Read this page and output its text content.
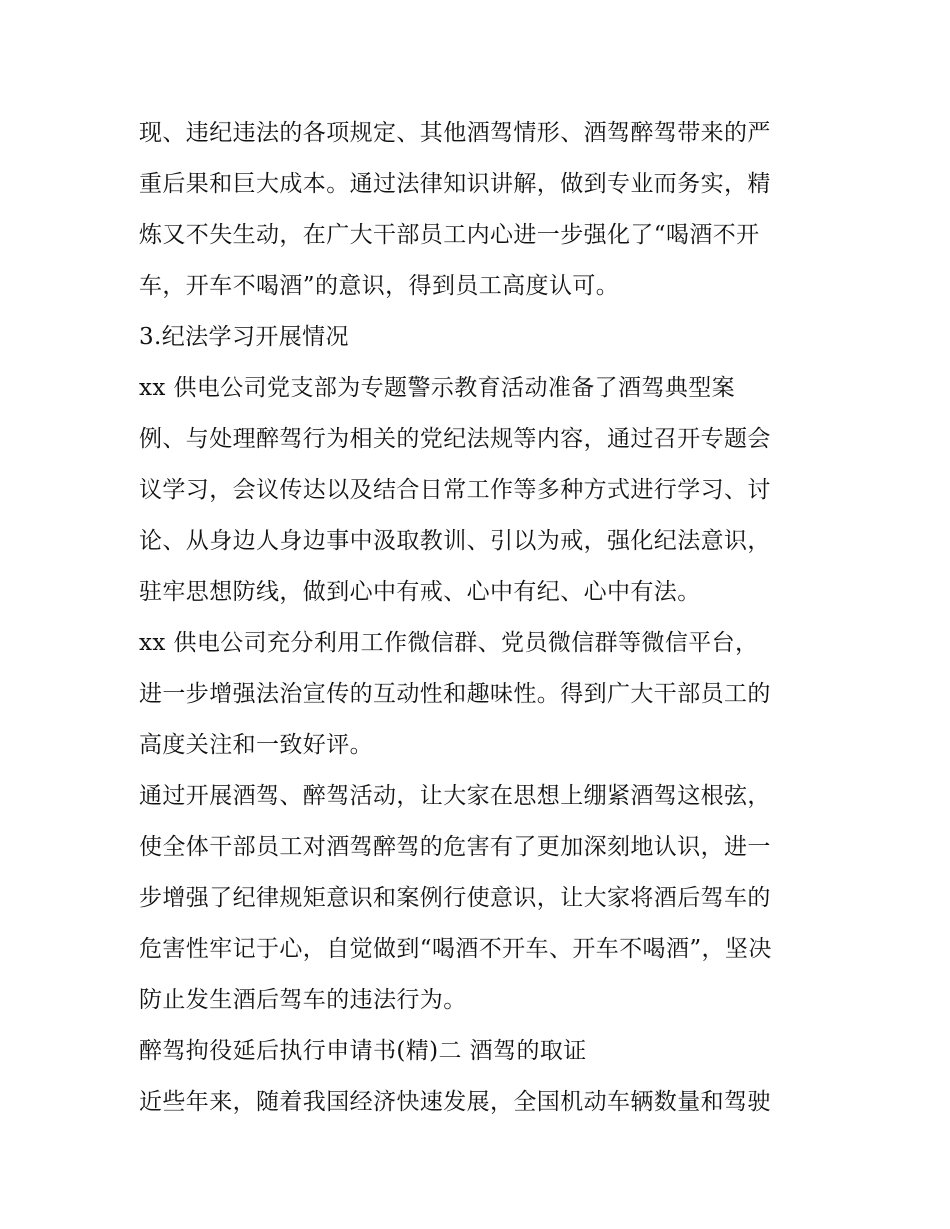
现、违纪违法的各项规定、其他酒驾情形、酒驾醉驾带来的严
重后果和巨大成本。通过法律知识讲解，做到专业而务实，精
炼又不失生动，在广大干部员工内心进一步强化了“喝酒不开
车，开车不喝酒”的意识，得到员工高度认可。
3.纪法学习开展情况
xx 供电公司党支部为专题警示教育活动准备了酒驾典型案
例、与处理醉驾行为相关的党纪法规等内容，通过召开专题会
议学习，会议传达以及结合日常工作等多种方式进行学习、讨
论、从身边人身边事中汲取教训、引以为戒，强化纪法意识，
驻牢思想防线，做到心中有戒、心中有纪、心中有法。
xx 供电公司充分利用工作微信群、党员微信群等微信平台，
进一步增强法治宣传的互动性和趣味性。得到广大干部员工的
高度关注和一致好评。
通过开展酒驾、醉驾活动，让大家在思想上绷紧酒驾这根弦，
使全体干部员工对酒驾醉驾的危害有了更加深刻地认识，进一
步增强了纪律规矩意识和案例行使意识，让大家将酒后驾车的
危害性牢记于心，自觉做到“喝酒不开车、开车不喝酒”，坚决
防止发生酒后驾车的违法行为。
醉驾拘役延后执行申请书(精)二 酒驾的取证
近些年来，随着我国经济快速发展，全国机动车辆数量和驾驶
